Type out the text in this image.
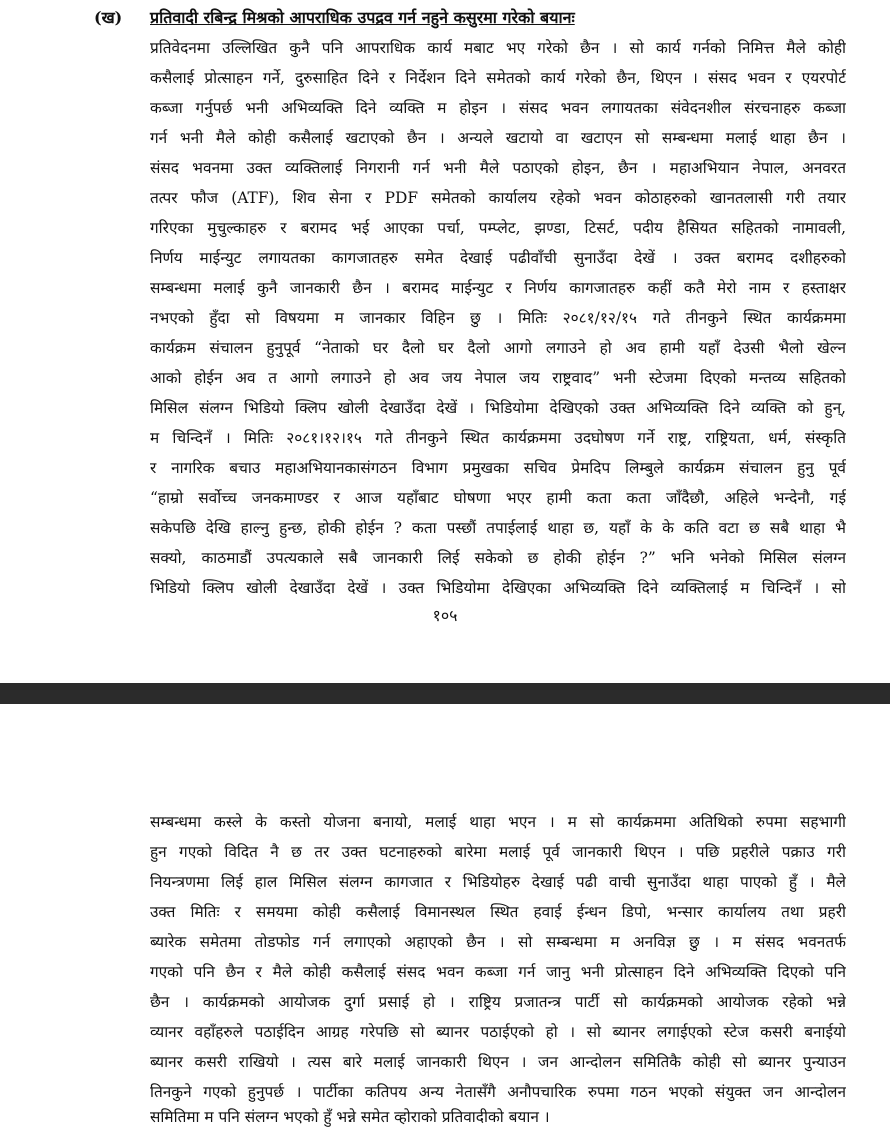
(ख) प्रतिवादी रबिन्द्र मिश्रको आपराधिक उपद्रव गर्न नहुने कसुरमा गरेको बयानः
प्रतिवेदनमा उल्लिखित कुनै पनि आपराधिक कार्य मबाट भए गरेको छैन । सो कार्य गर्नको निमित्त मैले कोही
कसैलाई प्रोत्साहन गर्ने, दुरुसाहित दिने र निर्देशन दिने समेतको कार्य गरेको छैन, थिएन । संसद भवन र एयरपोर्ट
कब्जा गर्नुपर्छ भनी अभिव्यक्ति दिने व्यक्ति म होइन । संसद भवन लगायतका संवेदनशील संरचनाहरु कब्जा
गर्न भनी मैले कोही कसैलाई खटाएको छैन । अन्यले खटायो वा खटाएन सो सम्बन्धमा मलाई थाहा छैन ।
संसद भवनमा उक्त व्यक्तिलाई निगरानी गर्न भनी मैले पठाएको होइन, छैन । महाअभियान नेपाल, अनवरत
तत्पर फौज (ATF), शिव सेना र PDF समेतको कार्यालय रहेको भवन कोठाहरुको खानतलासी गरी तयार
गरिएका मुचुल्काहरु र बरामद भई आएका पर्चा, पम्प्लेट, झण्डा, टिसर्ट, पदीय हैसियत सहितको नामावली,
निर्णय माईन्युट लगायतका कागजातहरु समेत देखाई पढीवाँची सुनाउँदा देखें । उक्त बरामद दशीहरुको
सम्बन्धमा मलाई कुनै जानकारी छैन । बरामद माईन्युट र निर्णय कागजातहरु कहीं कतै मेरो नाम र हस्ताक्षर
नभएको हुँदा सो विषयमा म जानकार विहिन छु । मितिः २०८१/१२/१५ गते तीनकुने स्थित कार्यक्रममा
कार्यक्रम संचालन हुनुपूर्व “नेताको घर दैलो घर दैलो आगो लगाउने हो अव हामी यहाँ देउसी भैलो खेल्न
आको होईन अव त आगो लगाउने हो अव जय नेपाल जय राष्ट्रवाद” भनी स्टेजमा दिएको मन्तव्य सहितको
मिसिल संलग्न भिडियो क्लिप खोली देखाउँदा देखें । भिडियोमा देखिएको उक्त अभिव्यक्ति दिने व्यक्ति को हुन्,
म चिन्दिनँ । मितिः २०८१।१२।१५ गते तीनकुने स्थित कार्यक्रममा उदघोषण गर्ने राष्ट्र, राष्ट्रियता, धर्म, संस्कृति
र नागरिक बचाउ महाअभियानकासंगठन विभाग प्रमुखका सचिव प्रेमदिप लिम्बुले कार्यक्रम संचालन हुनु पूर्व
“हाम्रो सर्वोच्च जनकमाण्डर र आज यहाँबाट घोषणा भएर हामी कता कता जाँदैछौ, अहिले भन्देनौ, गई
सकेपछि देखि हाल्नु हुन्छ, होकी होईन ? कता पस्छौं तपाईलाई थाहा छ, यहाँ के के कति वटा छ सबै थाहा भै
सक्यो, काठमाडौं उपत्यकाले सबै जानकारी लिई सकेको छ होकी होईन ?” भनि भनेको मिसिल संलग्न
भिडियो क्लिप खोली देखाउँदा देखें । उक्त भिडियोमा देखिएका अभिव्यक्ति दिने व्यक्तिलाई म चिन्दिनँ । सो
१०५
सम्बन्धमा कस्ले के कस्तो योजना बनायो, मलाई थाहा भएन । म सो कार्यक्रममा अतिथिको रुपमा सहभागी
हुन गएको विदित नै छ तर उक्त घटनाहरुको बारेमा मलाई पूर्व जानकारी थिएन । पछि प्रहरीले पक्राउ गरी
नियन्त्रणमा लिई हाल मिसिल संलग्न कागजात र भिडियोहरु देखाई पढी वाची सुनाउँदा थाहा पाएको हुँ । मैले
उक्त मितिः र समयमा कोही कसैलाई विमानस्थल स्थित हवाई ईन्धन डिपो, भन्सार कार्यालय तथा प्रहरी
ब्यारेक समेतमा तोडफोड गर्न लगाएको अहाएको छैन । सो सम्बन्धमा म अनविज्ञ छु । म संसद भवनतर्फ
गएको पनि छैन र मैले कोही कसैलाई संसद भवन कब्जा गर्न जानु भनी प्रोत्साहन दिने अभिव्यक्ति दिएको पनि
छैन । कार्यक्रमको आयोजक दुर्गा प्रसाई हो । राष्ट्रिय प्रजातन्त्र पार्टी सो कार्यक्रमको आयोजक रहेको भन्ने
व्यानर वहाँहरुले पठाईदिन आग्रह गरेपछि सो ब्यानर पठाईएको हो । सो ब्यानर लगाईएको स्टेज कसरी बनाईयो
ब्यानर कसरी राखियो । त्यस बारे मलाई जानकारी थिएन । जन आन्दोलन समितिकै कोही सो ब्यानर पुन्याउन
तिनकुने गएको हुनुपर्छ । पार्टीका कतिपय अन्य नेतासँगै अनौपचारिक रुपमा गठन भएको संयुक्त जन आन्दोलन
समितिमा म पनि संलग्न भएको हुँ भन्ने समेत व्होराको प्रतिवादीको बयान ।
